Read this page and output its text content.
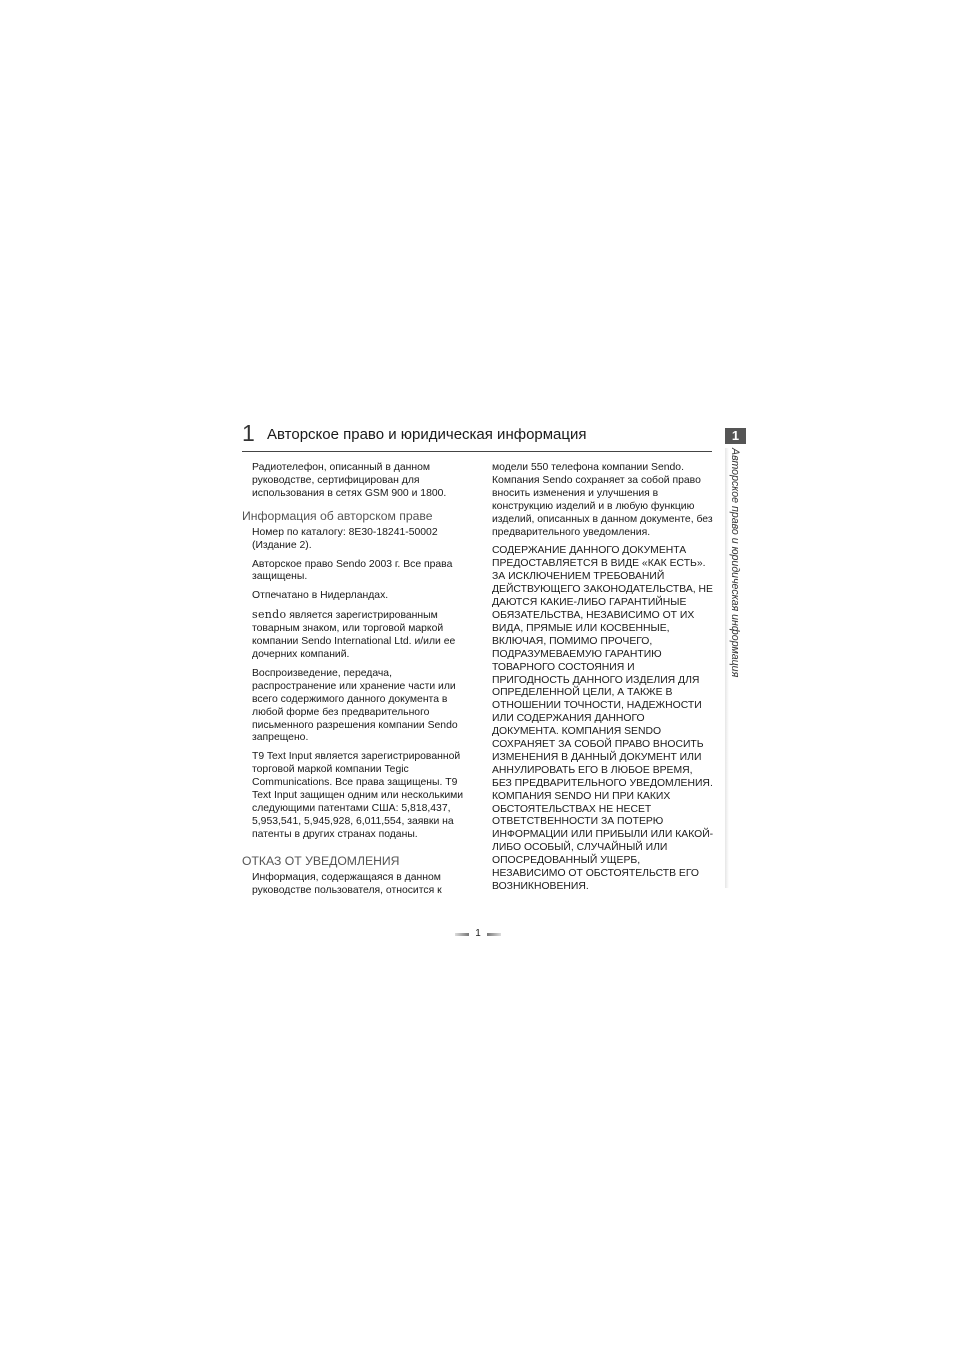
1 Авторское право и юридическая информация

Радиотелефон, описанный в данном руководстве, сертифицирован для использования в сетях GSM 900 и 1800.

Информация об авторском праве

Номер по каталогу: 8E30-18241-50002 (Издание 2).

Авторское право Sendo 2003 г. Все права защищены.

Отпечатано в Нидерландах.

sendo является зарегистрированным товарным знаком, или торговой маркой компании Sendo International Ltd. и/или ее дочерних компаний.

Воспроизведение, передача, распространение или хранение части или всего содержимого данного документа в любой форме без предварительного письменного разрешения компании Sendo запрещено.

T9 Text Input является зарегистрированной торговой маркой компании Tegic Communications. Все права защищены. T9 Text Input защищен одним или несколькими следующими патентами США: 5,818,437, 5,953,541, 5,945,928, 6,011,554, заявки на патенты в других странах поданы.

ОТКАЗ ОТ УВЕДОМЛЕНИЯ

Информация, содержащаяся в данном руководстве пользователя, относится к

модели 550 телефона компании Sendo. Компания Sendo сохраняет за собой право вносить изменения и улучшения в конструкцию изделий и в любую функцию изделий, описанных в данном документе, без предварительного уведомления.

СОДЕРЖАНИЕ ДАННОГО ДОКУМЕНТА ПРЕДОСТАВЛЯЕТСЯ В ВИДЕ «КАК ЕСТЬ». ЗА ИСКЛЮЧЕНИЕМ ТРЕБОВАНИЙ ДЕЙСТВУЮЩЕГО ЗАКОНОДАТЕЛЬСТВА, НЕ ДАЮТСЯ КАКИЕ-ЛИБО ГАРАНТИЙНЫЕ ОБЯЗАТЕЛЬСТВА, НЕЗАВИСИМО ОТ ИХ ВИДА, ПРЯМЫЕ ИЛИ КОСВЕННЫЕ, ВКЛЮЧАЯ, ПОМИМО ПРОЧЕГО, ПОДРАЗУМЕВАЕМУЮ ГАРАНТИЮ ТОВАРНОГО СОСТОЯНИЯ И ПРИГОДНОСТЬ ДАННОГО ИЗДЕЛИЯ ДЛЯ ОПРЕДЕЛЕННОЙ ЦЕЛИ, А ТАКЖЕ В ОТНОШЕНИИ ТОЧНОСТИ, НАДЕЖНОСТИ ИЛИ СОДЕРЖАНИЯ ДАННОГО ДОКУМЕНТА. КОМПАНИЯ SENDO СОХРАНЯЕТ ЗА СОБОЙ ПРАВО ВНОСИТЬ ИЗМЕНЕНИЯ В ДАННЫЙ ДОКУМЕНТ ИЛИ АННУЛИРОВАТЬ ЕГО В ЛЮБОЕ ВРЕМЯ, БЕЗ ПРЕДВАРИТЕЛЬНОГО УВЕДОМЛЕНИЯ. КОМПАНИЯ SENDO НИ ПРИ КАКИХ ОБСТОЯТЕЛЬСТВАХ НЕ НЕСЕТ ОТВЕТСТВЕННОСТИ ЗА ПОТЕРЮ ИНФОРМАЦИИ ИЛИ ПРИБЫЛИ ИЛИ КАКОЙ-ЛИБО ОСОБЫЙ, СЛУЧАЙНЫЙ ИЛИ ОПОСРЕДОВАННЫЙ УЩЕРБ, НЕЗАВИСИМО ОТ ОБСТОЯТЕЛЬСТВ ЕГО ВОЗНИКНОВЕНИЯ.

1
Авторское право и юридическая информация
1
